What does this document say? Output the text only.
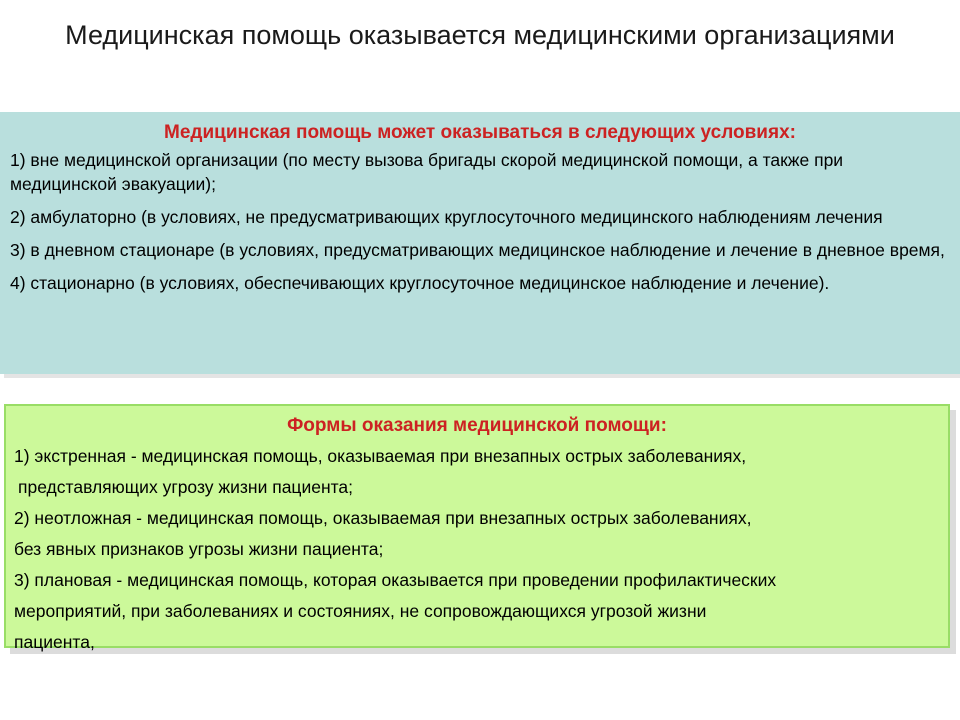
Медицинская помощь оказывается медицинскими организациями
Медицинская помощь может оказываться в следующих условиях:
1) вне медицинской организации (по месту вызова бригады скорой медицинской помощи, а также при медицинской эвакуации);
2) амбулаторно (в условиях, не предусматривающих круглосуточного медицинского наблюдениям лечения
3) в дневном стационаре (в условиях, предусматривающих медицинское наблюдение и лечение в дневное время,
4) стационарно (в условиях, обеспечивающих круглосуточное медицинское наблюдение и лечение).
Формы оказания медицинской помощи:
1) экстренная - медицинская помощь, оказываемая при внезапных острых заболеваниях,
представляющих угрозу жизни пациента;
2) неотложная - медицинская помощь, оказываемая при внезапных острых заболеваниях,
без явных признаков угрозы жизни пациента;
3) плановая - медицинская помощь, которая оказывается при проведении профилактических
мероприятий, при заболеваниях и состояниях, не сопровождающихся угрозой жизни
пациента,
